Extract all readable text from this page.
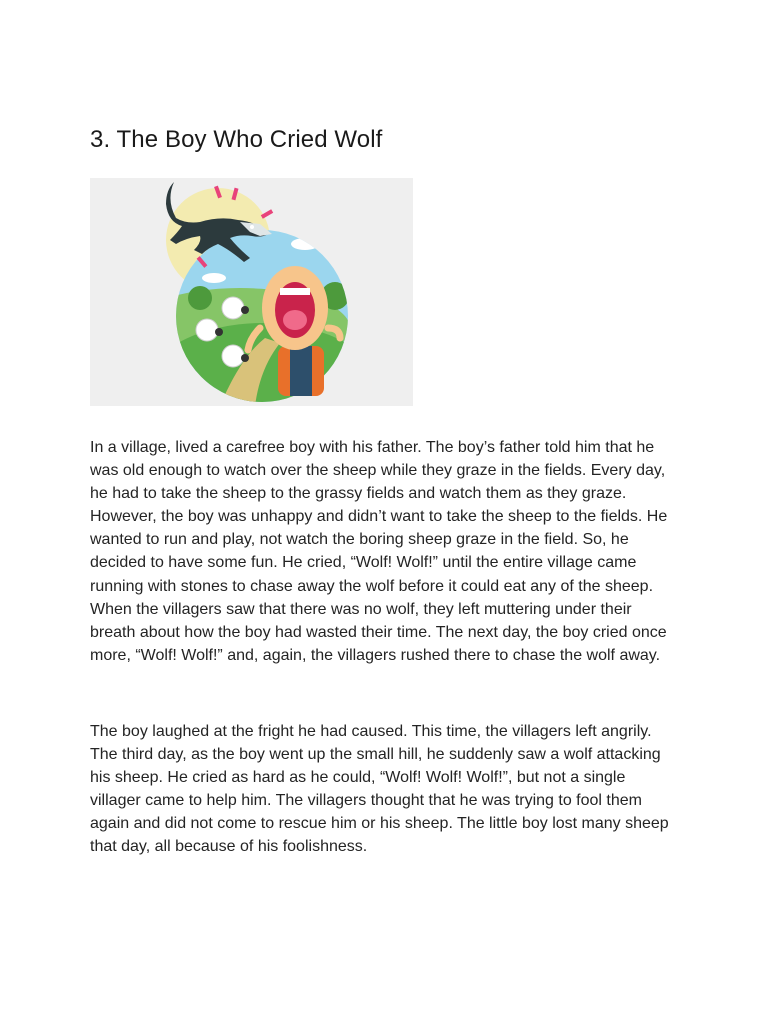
3. The Boy Who Cried Wolf

In a village, lived a carefree boy with his father. The boy’s father told him that he was old enough to watch over the sheep while they graze in the fields. Every day, he had to take the sheep to the grassy fields and watch them as they graze. However, the boy was unhappy and didn’t want to take the sheep to the fields. He wanted to run and play, not watch the boring sheep graze in the field. So, he decided to have some fun. He cried, “Wolf! Wolf!” until the entire village came running with stones to chase away the wolf before it could eat any of the sheep. When the villagers saw that there was no wolf, they left muttering under their breath about how the boy had wasted their time. The next day, the boy cried once more, “Wolf! Wolf!” and, again, the villagers rushed there to chase the wolf away.

The boy laughed at the fright he had caused. This time, the villagers left angrily. The third day, as the boy went up the small hill, he suddenly saw a wolf attacking his sheep. He cried as hard as he could, “Wolf! Wolf! Wolf!”, but not a single villager came to help him. The villagers thought that he was trying to fool them again and did not come to rescue him or his sheep. The little boy lost many sheep that day, all because of his foolishness.
